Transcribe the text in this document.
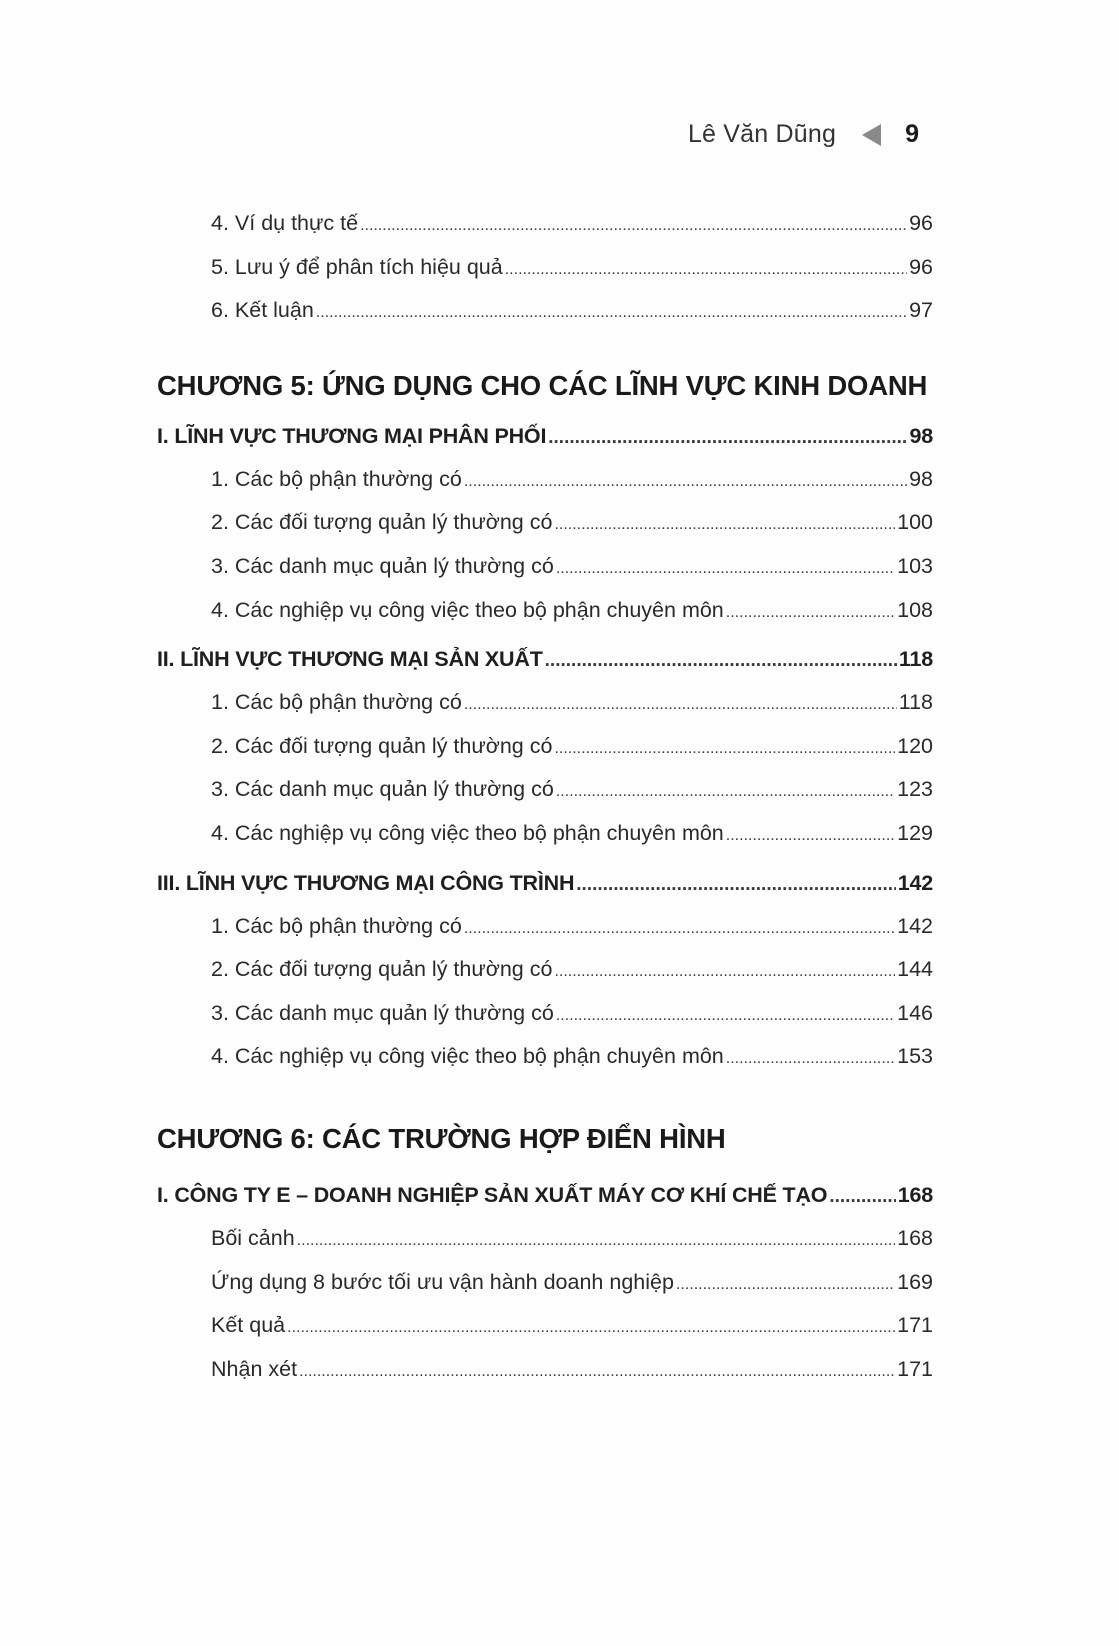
Lê Văn Dũng	9
4. Ví dụ thực tế .....	96
5. Lưu ý để phân tích hiệu quả .....	96
6. Kết luận .....	97
CHƯƠNG 5: ỨNG DỤNG CHO CÁC LĨNH VỰC KINH DOANH
I. LĨNH VỰC THƯƠNG MẠI PHÂN PHỐI .....	98
1. Các bộ phận thường có .....	98
2. Các đối tượng quản lý thường có .....	100
3. Các danh mục quản lý thường có .....	103
4. Các nghiệp vụ công việc theo bộ phận chuyên môn .....	108
II. LĨNH VỰC THƯƠNG MẠI SẢN XUẤT .....	118
1. Các bộ phận thường có .....	118
2. Các đối tượng quản lý thường có .....	120
3. Các danh mục quản lý thường có .....	123
4. Các nghiệp vụ công việc theo bộ phận chuyên môn .....	129
III. LĨNH VỰC THƯƠNG MẠI CÔNG TRÌNH .....	142
1. Các bộ phận thường có .....	142
2. Các đối tượng quản lý thường có .....	144
3. Các danh mục quản lý thường có .....	146
4. Các nghiệp vụ công việc theo bộ phận chuyên môn .....	153
CHƯƠNG 6: CÁC TRƯỜNG HỢP ĐIỂN HÌNH
I. CÔNG TY E – DOANH NGHIỆP SẢN XUẤT MÁY CƠ KHÍ CHẾ TẠO .....	168
Bối cảnh .....	168
Ứng dụng 8 bước tối ưu vận hành doanh nghiệp .....	169
Kết quả .....	171
Nhận xét .....	171
